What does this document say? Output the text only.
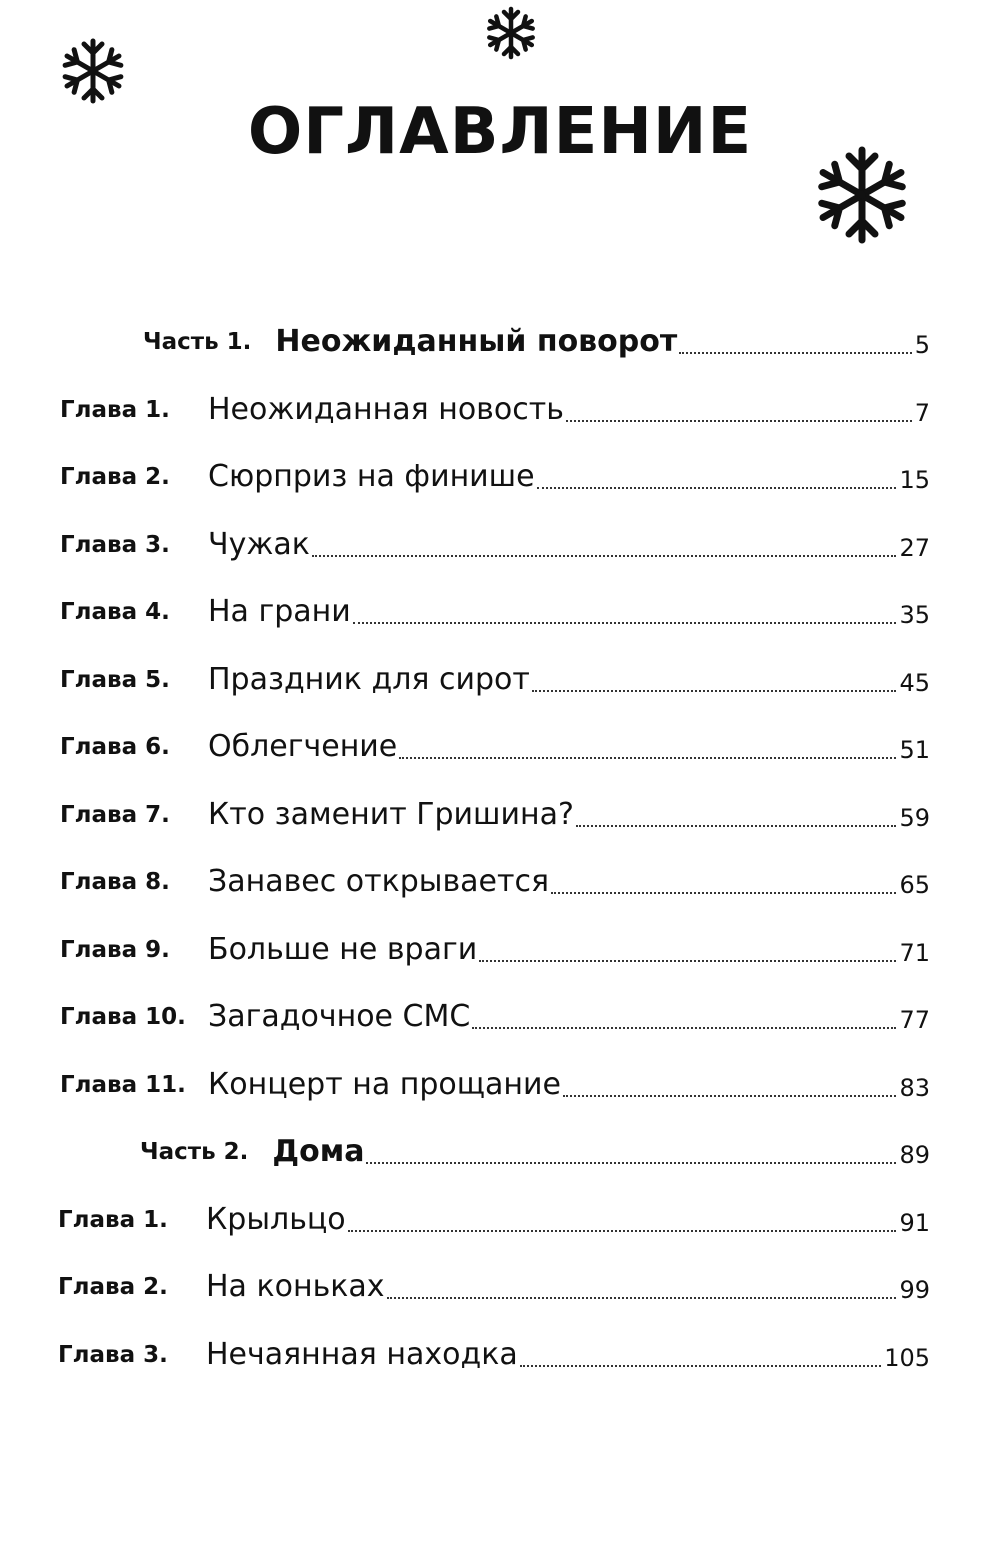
ОГЛАВЛЕНИЕ
Часть 1. Неожиданный поворот	5
Глава 1.	Неожиданная новость	7
Глава 2.	Сюрприз на финише	15
Глава 3.	Чужак	27
Глава 4.	На грани	35
Глава 5.	Праздник для сирот	45
Глава 6.	Облегчение	51
Глава 7.	Кто заменит Гришина?	59
Глава 8.	Занавес открывается	65
Глава 9.	Больше не враги	71
Глава 10. Загадочное СМС	77
Глава 11. Концерт на прощание	83
Часть 2. Дома	89
Глава 1.	Крыльцо	91
Глава 2.	На коньках	99
Глава 3.	Нечаянная находка	105
